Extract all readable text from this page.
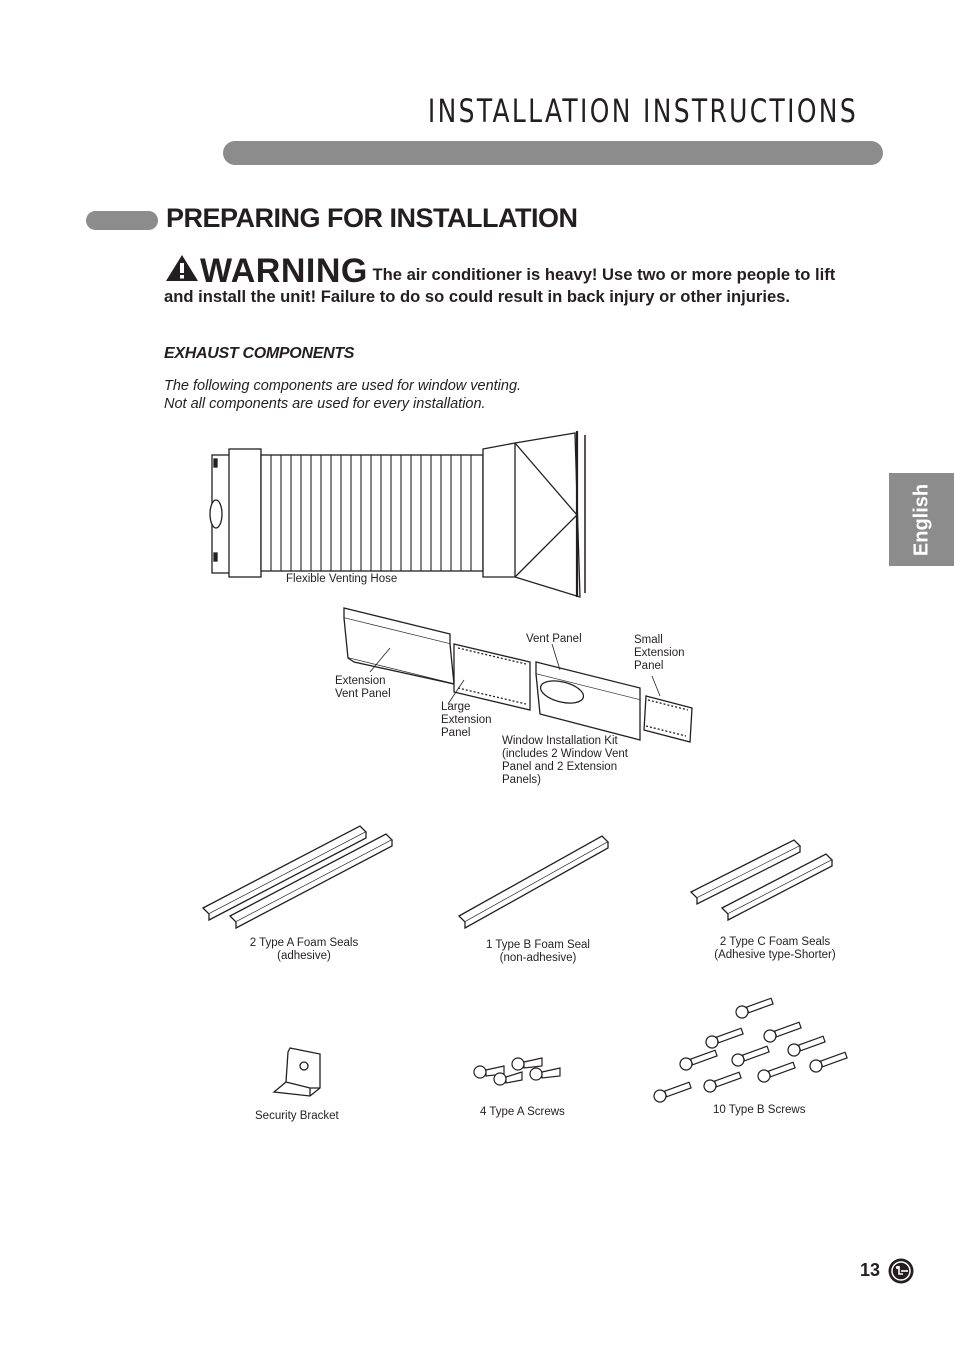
INSTALLATION INSTRUCTIONS
PREPARING FOR INSTALLATION
WARNING The air conditioner is heavy! Use two or more people to lift and install the unit! Failure to do so could result in back injury or other injuries.
EXHAUST COMPONENTS
The following components are used for window venting.
Not all components are used for every installation.
English
Flexible Venting Hose
Vent Panel	Small
Extension
Panel
Extension
Vent Panel
Large
Extension
Panel
Window Installation Kit
(includes 2 Window Vent
Panel and 2 Extension
Panels)
2 Type A Foam Seals
(adhesive)
1 Type B Foam Seal
(non-adhesive)
2 Type C Foam Seals
(Adhesive type-Shorter)
Security Bracket	4 Type A Screws	10 Type B Screws
13
